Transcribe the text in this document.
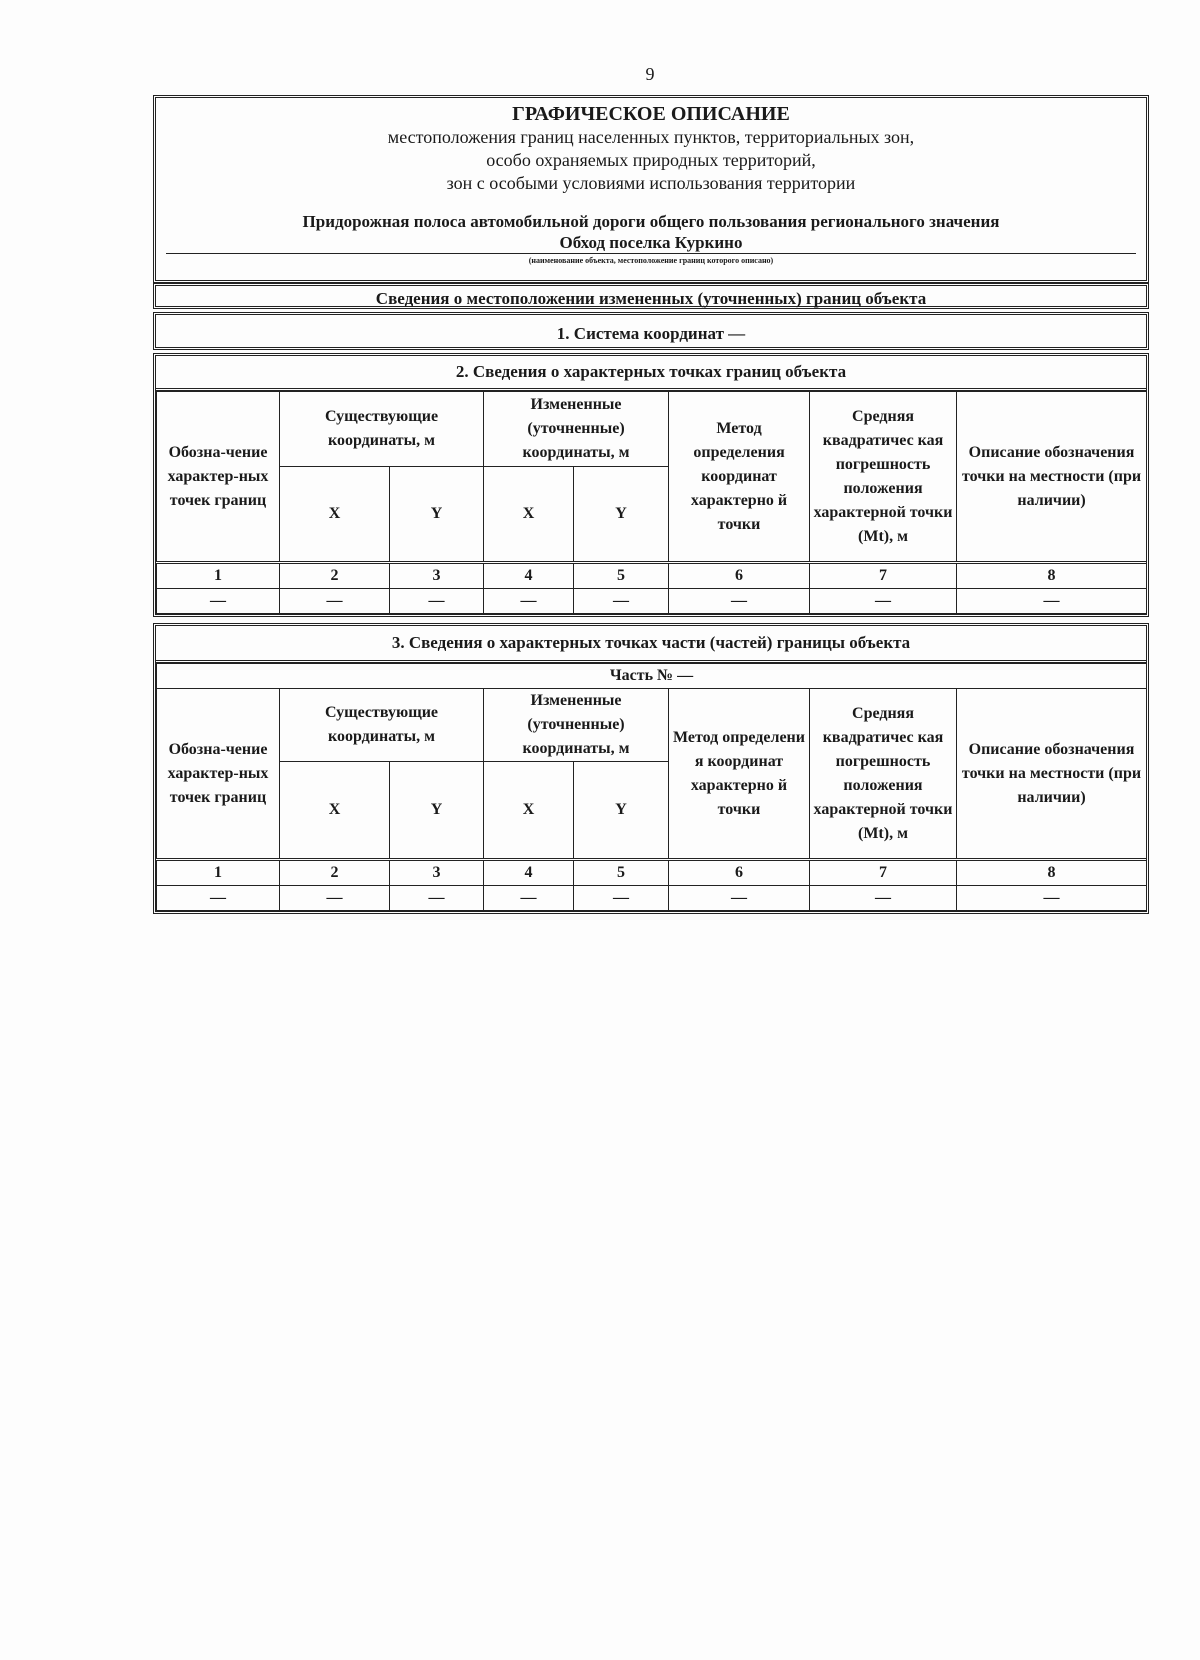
9
ГРАФИЧЕСКОЕ ОПИСАНИЕ
местоположения границ населенных пунктов, территориальных зон,
особо охраняемых природных территорий,
зон с особыми условиями использования территории
Придорожная полоса автомобильной дороги общего пользования регионального значения
Обход поселка Куркино
(наименование объекта, местоположение границ которого описано)
Сведения о местоположении измененных (уточненных) границ объекта
1. Система координат —
2. Сведения о характерных точках границ объекта
Обозна-чение характер-ных точек границ	Существующие координаты, м		Измененные (уточненные) координаты, м		Метод определения координат характерно й точки	Средняя квадратичес кая погрешность положения характерной точки (Mt), м	Описание обозначения точки на местности (при наличии)
	X	Y	X	Y			
1	2	3	4	5	6	7	8
—	—	—	—	—	—	—	—
3. Сведения о характерных точках части (частей) границы объекта
Часть № —							
Обозна-чение характер-ных точек границ	Существующие координаты, м		Измененные (уточненные) координаты, м		Метод определени я координат характерно й точки	Средняя квадратичес кая погрешность положения характерной точки (Mt), м	Описание обозначения точки на местности (при наличии)
	X	Y	X	Y			
1	2	3	4	5	6	7	8
—	—	—	—	—	—	—	—
